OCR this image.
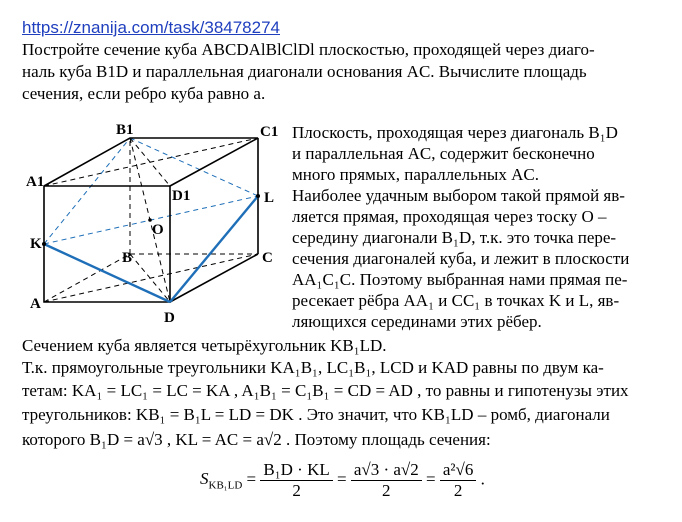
https://znanija.com/task/38478274
Постройте сечение куба ABCDAlBlClDl плоскостью, проходящей через диаго-
наль куба B1D и параллельная диагонали основания AC. Вычислите площадь
сечения, если ребро куба равно а.
B1	C1
A1
D1
O
L
K
B	C
A
D
Плоскость, проходящая через диагональ B₁D
и параллельная AC, содержит бесконечно
много прямых, параллельных AC.
Наиболее удачным выбором такой прямой яв-
ляется прямая, проходящая через тоску O –
середину диагонали B₁D, т.к. это точка пере-
сечения диагоналей куба, и лежит в плоскости
AA₁C₁C. Поэтому выбранная нами прямая пе-
ресекает рёбра AA₁ и CC₁ в точках K и L, яв-
ляющихся серединами этих рёбер.
Сечением куба является четырёхугольник KB₁LD.
Т.к. прямоугольные треугольники KA₁B₁, LC₁B₁, LCD и KAD равны по двум ка-
тетам: KA₁ = LC₁ = LC = KA , A₁B₁ = C₁B₁ = CD = AD , то равны и гипотенузы этих
треугольников: KB₁ = B₁L = LD = DK . Это значит, что KB₁LD – ромб, диагонали
которого B₁D = a√3 , KL = AC = a√2 . Поэтому площадь сечения:
$S_{KB_1LD} = \frac{\text{B₁D · KL}}{2} = \frac{a√3 \cdot a√2}{2} = \frac{\text{a²√6}}{2}$ .
